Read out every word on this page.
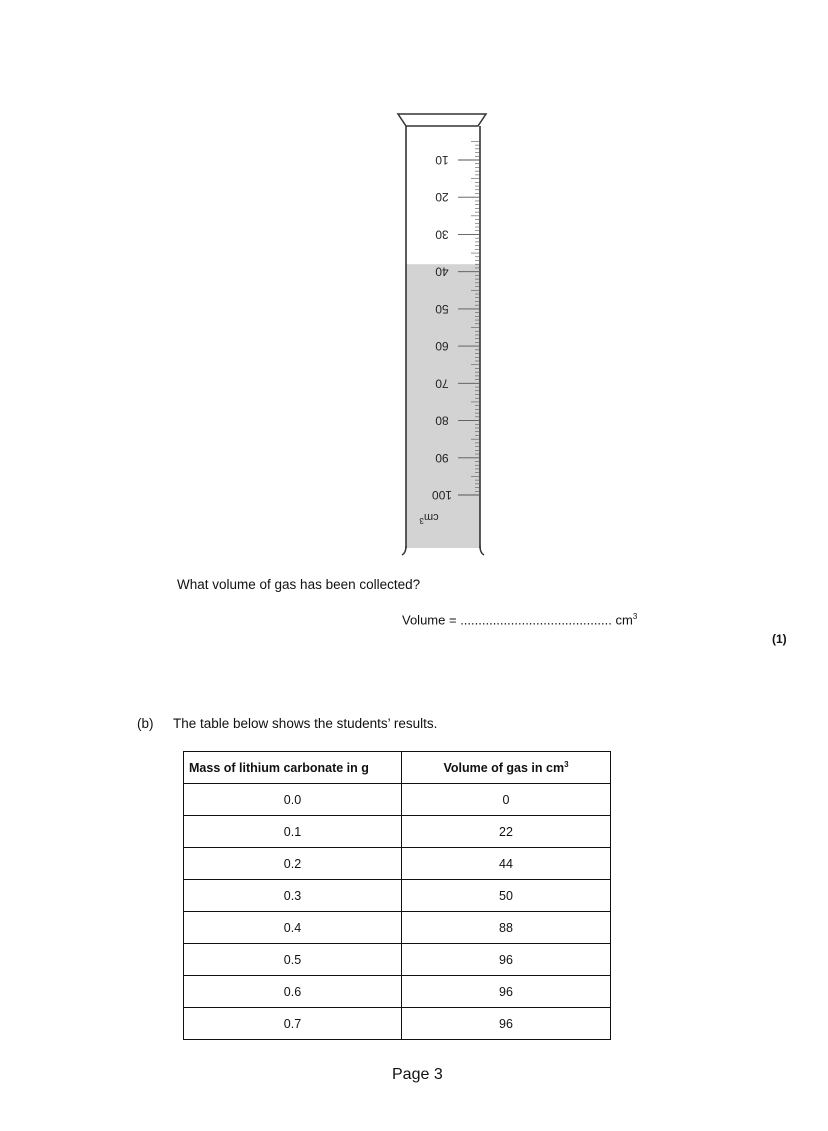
10
20
30
40
50
60
70
80
90
100
$cm^3$
What volume of gas has been collected?
Volume = .......................................... $cm^3$
(1)
(b) The table below shows the students’ results.
Mass of lithium carbonate in g	Volume of gas in $cm^3$
0.0	0
0.1	22
0.2	44
0.3	50
0.4	88
0.5	96
0.6	96
0.7	96
Page 3
